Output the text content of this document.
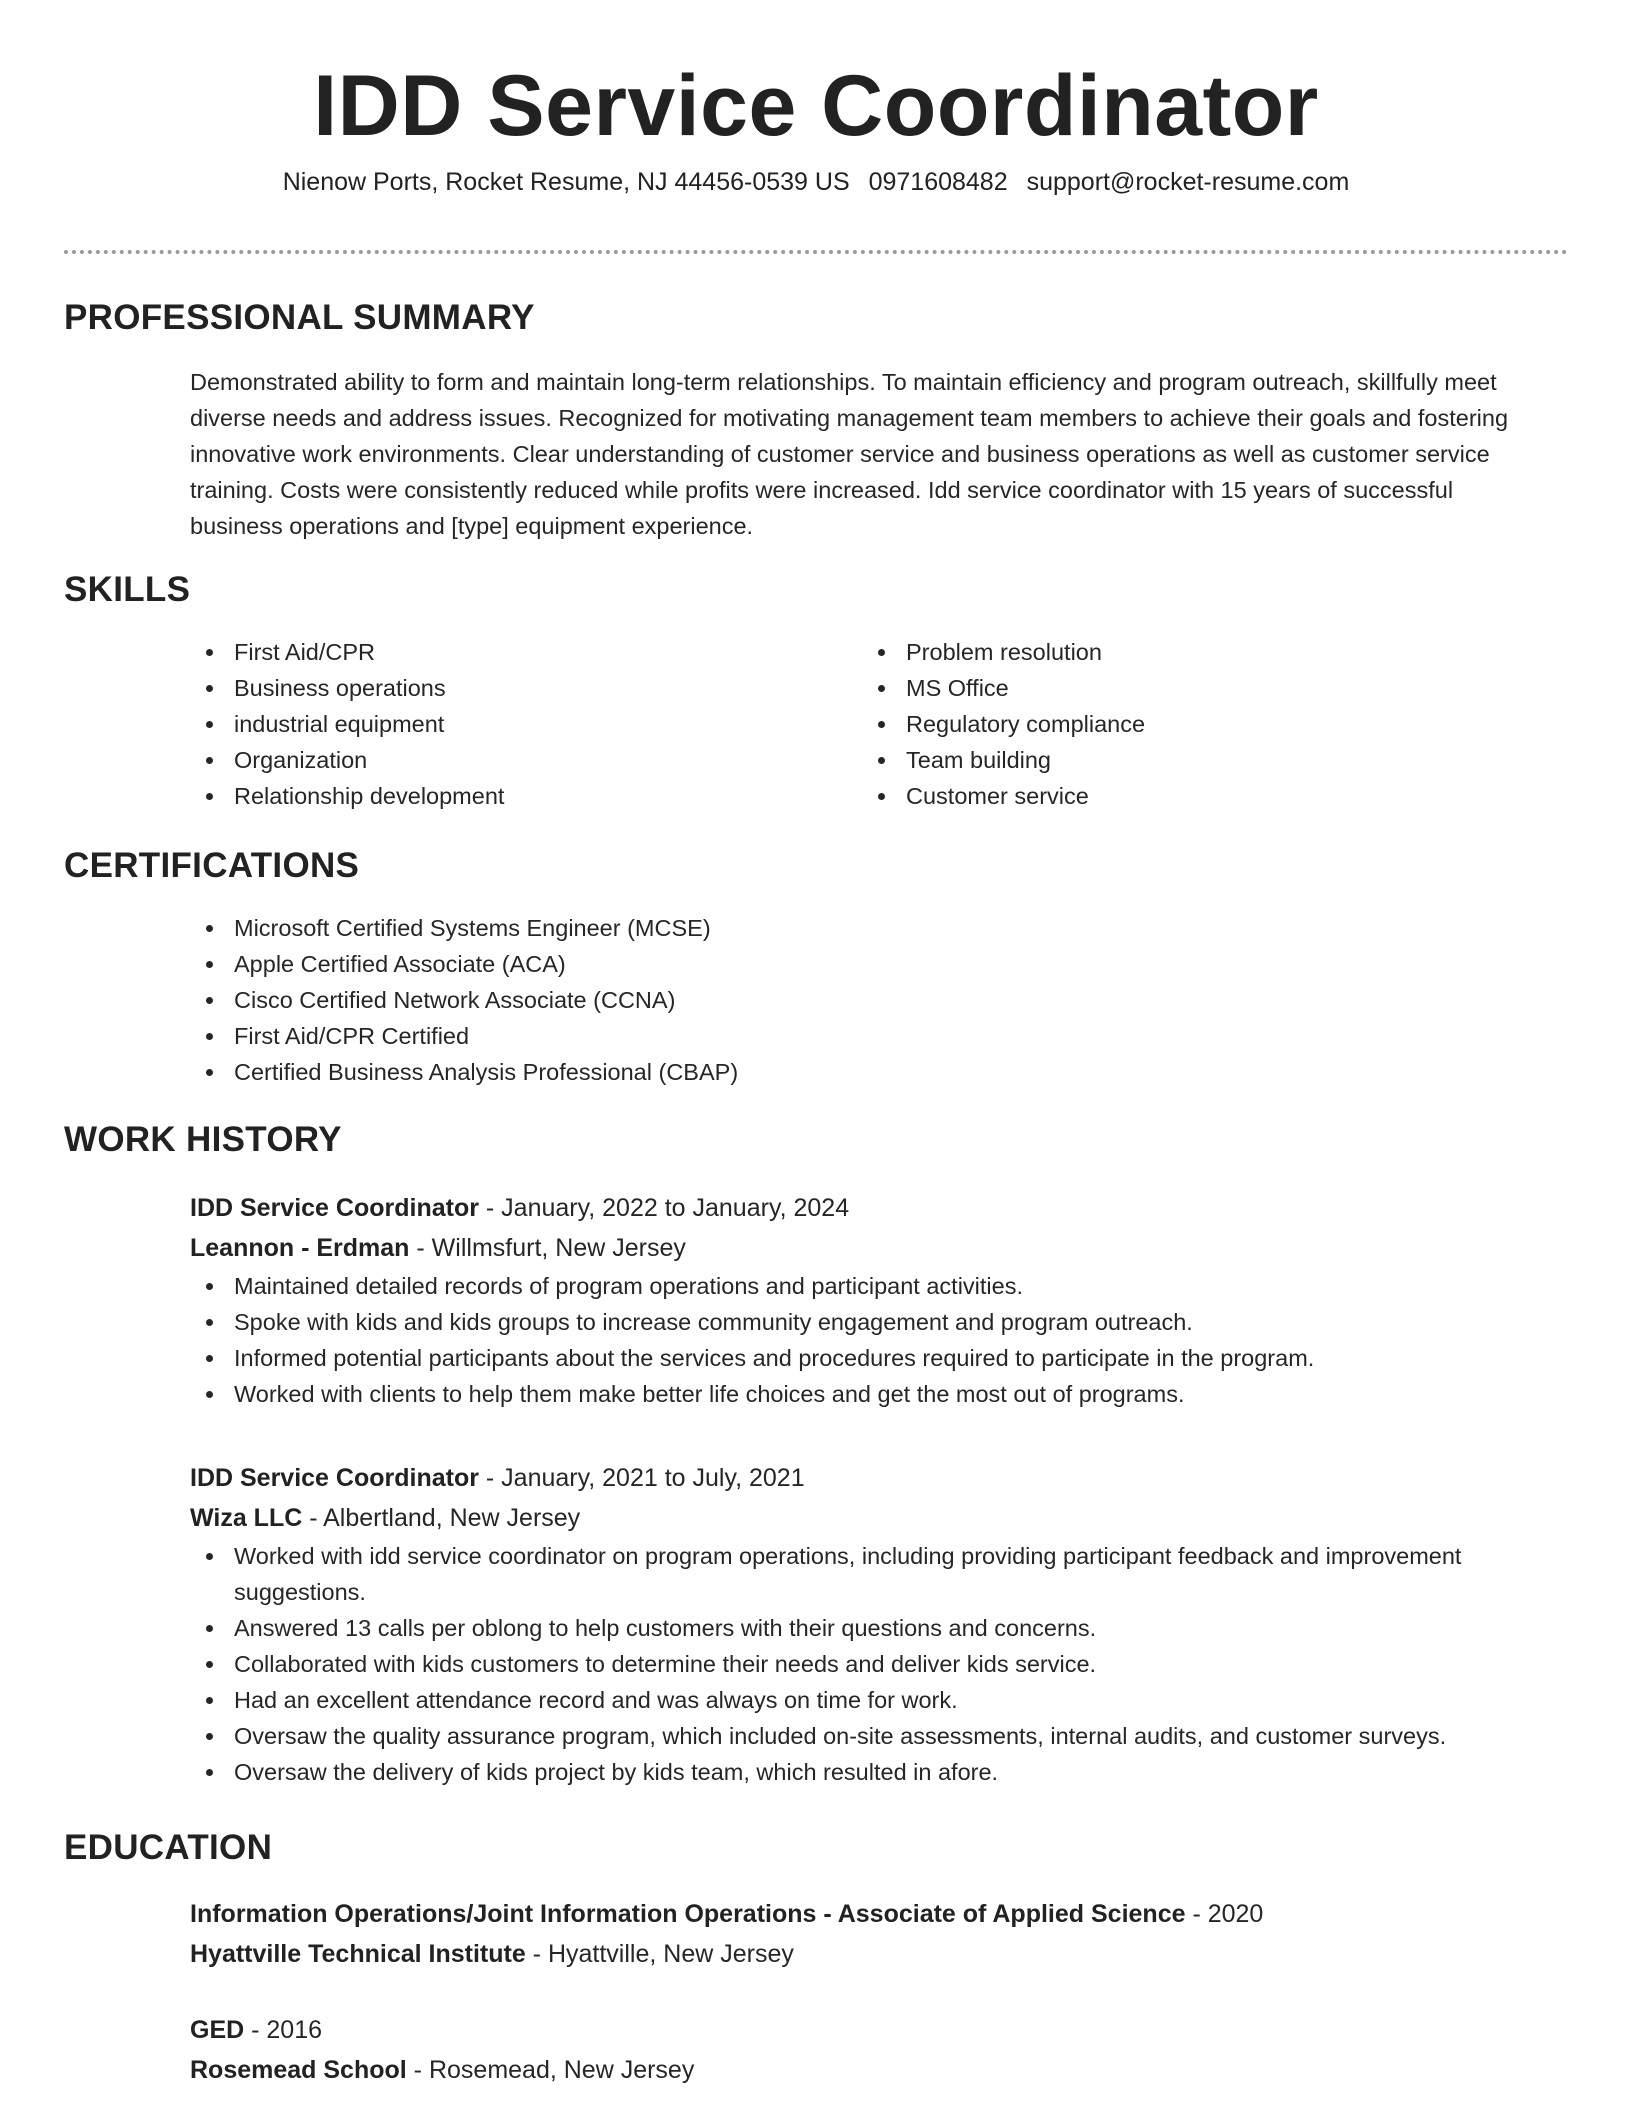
IDD Service Coordinator
Nienow Ports, Rocket Resume, NJ 44456-0539 US 0971608482 support@rocket-resume.com
PROFESSIONAL SUMMARY

Demonstrated ability to form and maintain long-term relationships. To maintain efficiency and program outreach, skillfully meet diverse needs and address issues. Recognized for motivating management team members to achieve their goals and fostering innovative work environments. Clear understanding of customer service and business operations as well as customer service training. Costs were consistently reduced while profits were increased. Idd service coordinator with 15 years of successful business operations and [type] equipment experience.

SKILLS
First Aid/CPR
Business operations
industrial equipment
Organization
Relationship development
Problem resolution
MS Office
Regulatory compliance
Team building
Customer service
CERTIFICATIONS
Microsoft Certified Systems Engineer (MCSE)
Apple Certified Associate (ACA)
Cisco Certified Network Associate (CCNA)
First Aid/CPR Certified
Certified Business Analysis Professional (CBAP)
WORK HISTORY
IDD Service Coordinator - January, 2022 to January, 2024
Leannon - Erdman - Willmsfurt, New Jersey
Maintained detailed records of program operations and participant activities.
Spoke with kids and kids groups to increase community engagement and program outreach.
Informed potential participants about the services and procedures required to participate in the program.
Worked with clients to help them make better life choices and get the most out of programs.
IDD Service Coordinator - January, 2021 to July, 2021
Wiza LLC - Albertland, New Jersey
Worked with idd service coordinator on program operations, including providing participant feedback and improvement suggestions.
Answered 13 calls per oblong to help customers with their questions and concerns.
Collaborated with kids customers to determine their needs and deliver kids service.
Had an excellent attendance record and was always on time for work.
Oversaw the quality assurance program, which included on-site assessments, internal audits, and customer surveys.
Oversaw the delivery of kids project by kids team, which resulted in afore.
EDUCATION
Information Operations/Joint Information Operations - Associate of Applied Science - 2020
Hyattville Technical Institute - Hyattville, New Jersey
GED - 2016
Rosemead School - Rosemead, New Jersey
